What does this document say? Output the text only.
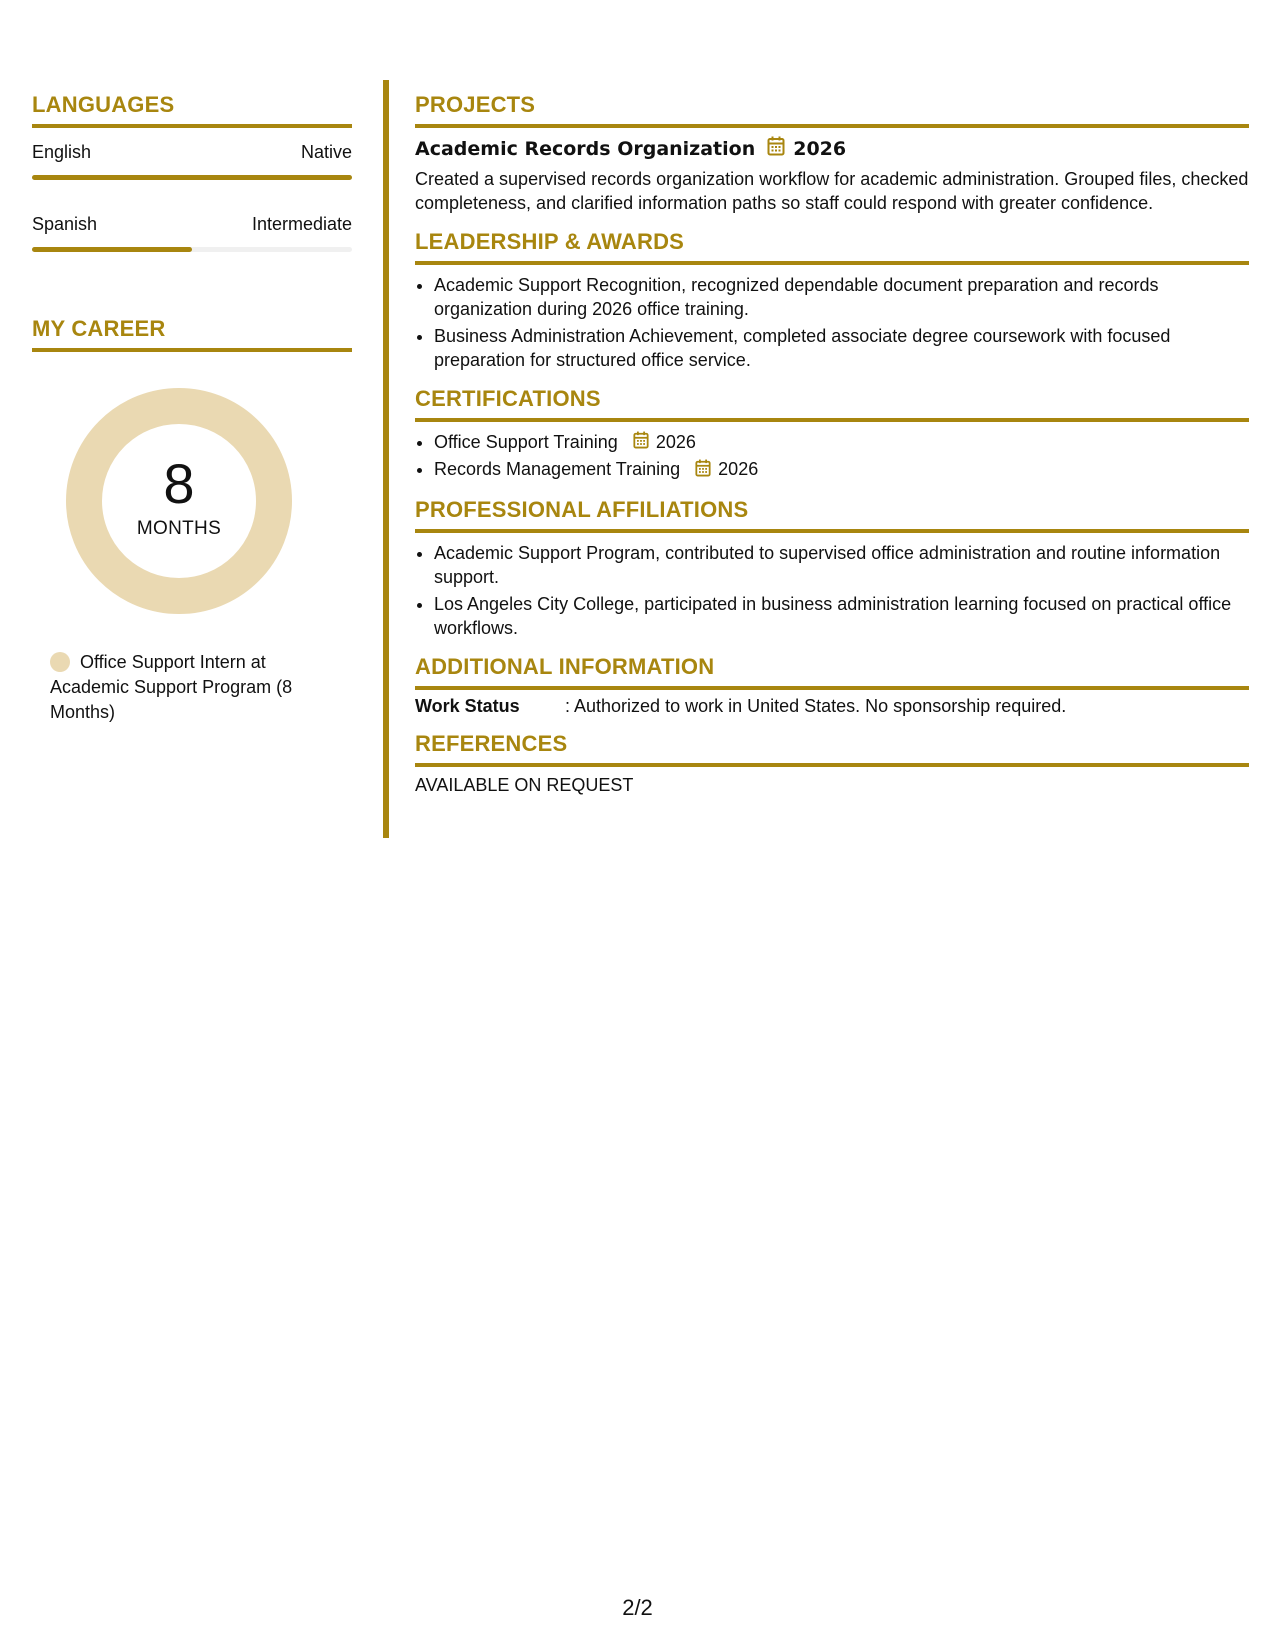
LANGUAGES
English	Native
Spanish	Intermediate
MY CAREER
8
MONTHS
Office Support Intern at Academic Support Program (8 Months)
PROJECTS
Academic Records Organization 2026
Created a supervised records organization workflow for academic administration. Grouped files, checked completeness, and clarified information paths so staff could respond with greater confidence.
LEADERSHIP & AWARDS
• Academic Support Recognition, recognized dependable document preparation and records organization during 2026 office training.
• Business Administration Achievement, completed associate degree coursework with focused preparation for structured office service.
CERTIFICATIONS
• Office Support Training 2026
• Records Management Training 2026
PROFESSIONAL AFFILIATIONS
• Academic Support Program, contributed to supervised office administration and routine information support.
• Los Angeles City College, participated in business administration learning focused on practical office workflows.
ADDITIONAL INFORMATION
Work Status	: Authorized to work in United States. No sponsorship required.
REFERENCES
AVAILABLE ON REQUEST
2/2
